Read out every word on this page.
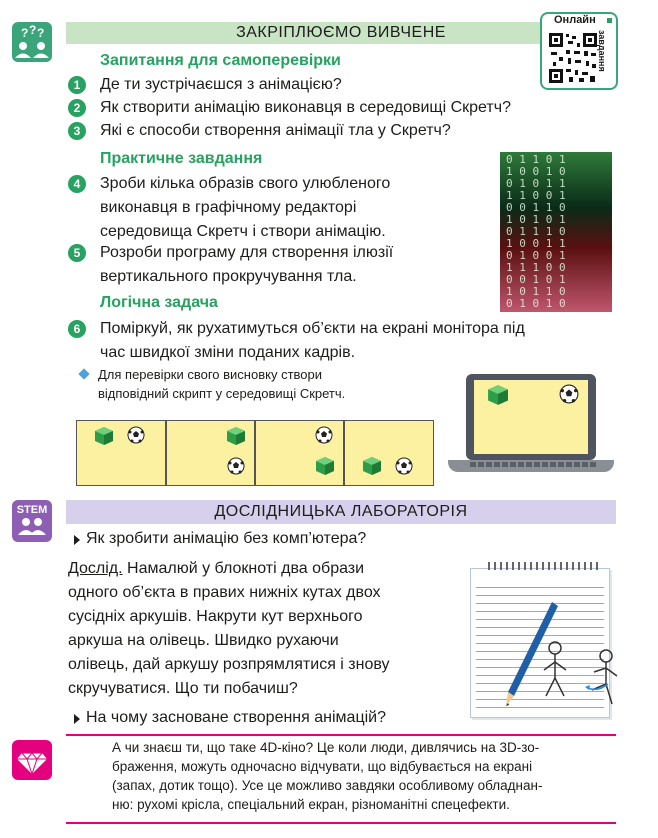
? ? ?	ЗАКРІПЛЮЄМО ВИВЧЕНЕ
Онлайн
завдання
Запитання для самоперевірки
1	Де ти зустрічаєшся з анімацією?
2	Як створити анімацію виконавця в середовищі Скретч?
3	Які є способи створення анімації тла у Скретч?
Практичне завдання
4	Зроби кілька образів свого улюбленого
виконавця в графічному редакторі
середовища Скретч і створи анімацію.
5	Розроби програму для створення ілюзії
вертикального прокручування тла.
0 1 1 0 1
1 0 0 1 0
0 1 0 1 1
1 1 0 0 1
0 0 1 1 0
1 0 1 0 1
0 1 1 1 0
1 0 0 1 1
0 1 0 0 1
1 1 1 0 0
0 0 1 0 1
1 0 1 1 0
0 1 0 1 0
Логічна задача
6	Поміркуй, як рухатимуться об’єкти на екрані монітора під
час швидкої зміни поданих кадрів.
Для перевірки свого висновку створи
відповідний скрипт у середовищі Скретч.
STEM	ДОСЛІДНИЦЬКА ЛАБОРАТОРІЯ
Як зробити анімацію без комп’ютера?
Дослід. Намалюй у блокноті два образи
одного об’єкта в правих нижніх кутах двох
сусідніх аркушів. Накрути кут верхнього
аркуша на олівець. Швидко рухаючи
олівець, дай аркушу розпрямлятися і знову
скручуватися. Що ти побачиш?
На чому засноване створення анімацій?
А чи знаєш ти, що таке 4D-кіно? Це коли люди, дивлячись на 3D-зо-
браження, можуть одночасно відчувати, що відбувається на екрані
(запах, дотик тощо). Усе це можливо завдяки особливому обладнан-
ню: рухомі крісла, спеціальний екран, різноманітні спецефекти.
